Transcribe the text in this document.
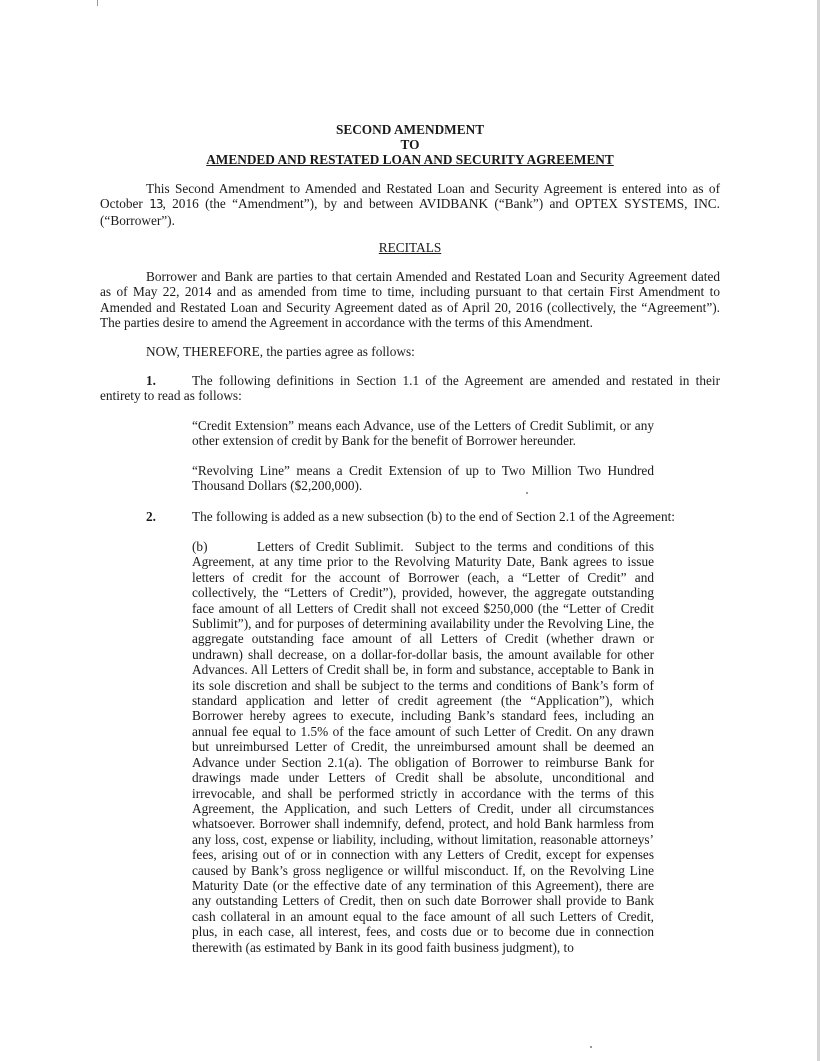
SECOND AMENDMENT
TO
AMENDED AND RESTATED LOAN AND SECURITY AGREEMENT
This Second Amendment to Amended and Restated Loan and Security Agreement is entered into as of October 13, 2016 (the “Amendment”), by and between AVIDBANK (“Bank”) and OPTEX SYSTEMS, INC. (“Borrower”).
RECITALS
Borrower and Bank are parties to that certain Amended and Restated Loan and Security Agreement dated as of May 22, 2014 and as amended from time to time, including pursuant to that certain First Amendment to Amended and Restated Loan and Security Agreement dated as of April 20, 2016 (collectively, the “Agreement”). The parties desire to amend the Agreement in accordance with the terms of this Amendment.
NOW, THEREFORE, the parties agree as follows:
1.	The following definitions in Section 1.1 of the Agreement are amended and restated in their entirety to read as follows:
“Credit Extension” means each Advance, use of the Letters of Credit Sublimit, or any other extension of credit by Bank for the benefit of Borrower hereunder.
“Revolving Line” means a Credit Extension of up to Two Million Two Hundred Thousand Dollars ($2,200,000).
2.	The following is added as a new subsection (b) to the end of Section 2.1 of the Agreement:
(b)	Letters of Credit Sublimit. Subject to the terms and conditions of this Agreement, at any time prior to the Revolving Maturity Date, Bank agrees to issue letters of credit for the account of Borrower (each, a “Letter of Credit” and collectively, the “Letters of Credit”), provided, however, the aggregate outstanding face amount of all Letters of Credit shall not exceed $250,000 (the “Letter of Credit Sublimit”), and for purposes of determining availability under the Revolving Line, the aggregate outstanding face amount of all Letters of Credit (whether drawn or undrawn) shall decrease, on a dollar-for-dollar basis, the amount available for other Advances. All Letters of Credit shall be, in form and substance, acceptable to Bank in its sole discretion and shall be subject to the terms and conditions of Bank’s form of standard application and letter of credit agreement (the “Application”), which Borrower hereby agrees to execute, including Bank’s standard fees, including an annual fee equal to 1.5% of the face amount of such Letter of Credit. On any drawn but unreimbursed Letter of Credit, the unreimbursed amount shall be deemed an Advance under Section 2.1(a). The obligation of Borrower to reimburse Bank for drawings made under Letters of Credit shall be absolute, unconditional and irrevocable, and shall be performed strictly in accordance with the terms of this Agreement, the Application, and such Letters of Credit, under all circumstances whatsoever. Borrower shall indemnify, defend, protect, and hold Bank harmless from any loss, cost, expense or liability, including, without limitation, reasonable attorneys’ fees, arising out of or in connection with any Letters of Credit, except for expenses caused by Bank’s gross negligence or willful misconduct. If, on the Revolving Line Maturity Date (or the effective date of any termination of this Agreement), there are any outstanding Letters of Credit, then on such date Borrower shall provide to Bank cash collateral in an amount equal to the face amount of all such Letters of Credit, plus, in each case, all interest, fees, and costs due or to become due in connection therewith (as estimated by Bank in its good faith business judgment), to
